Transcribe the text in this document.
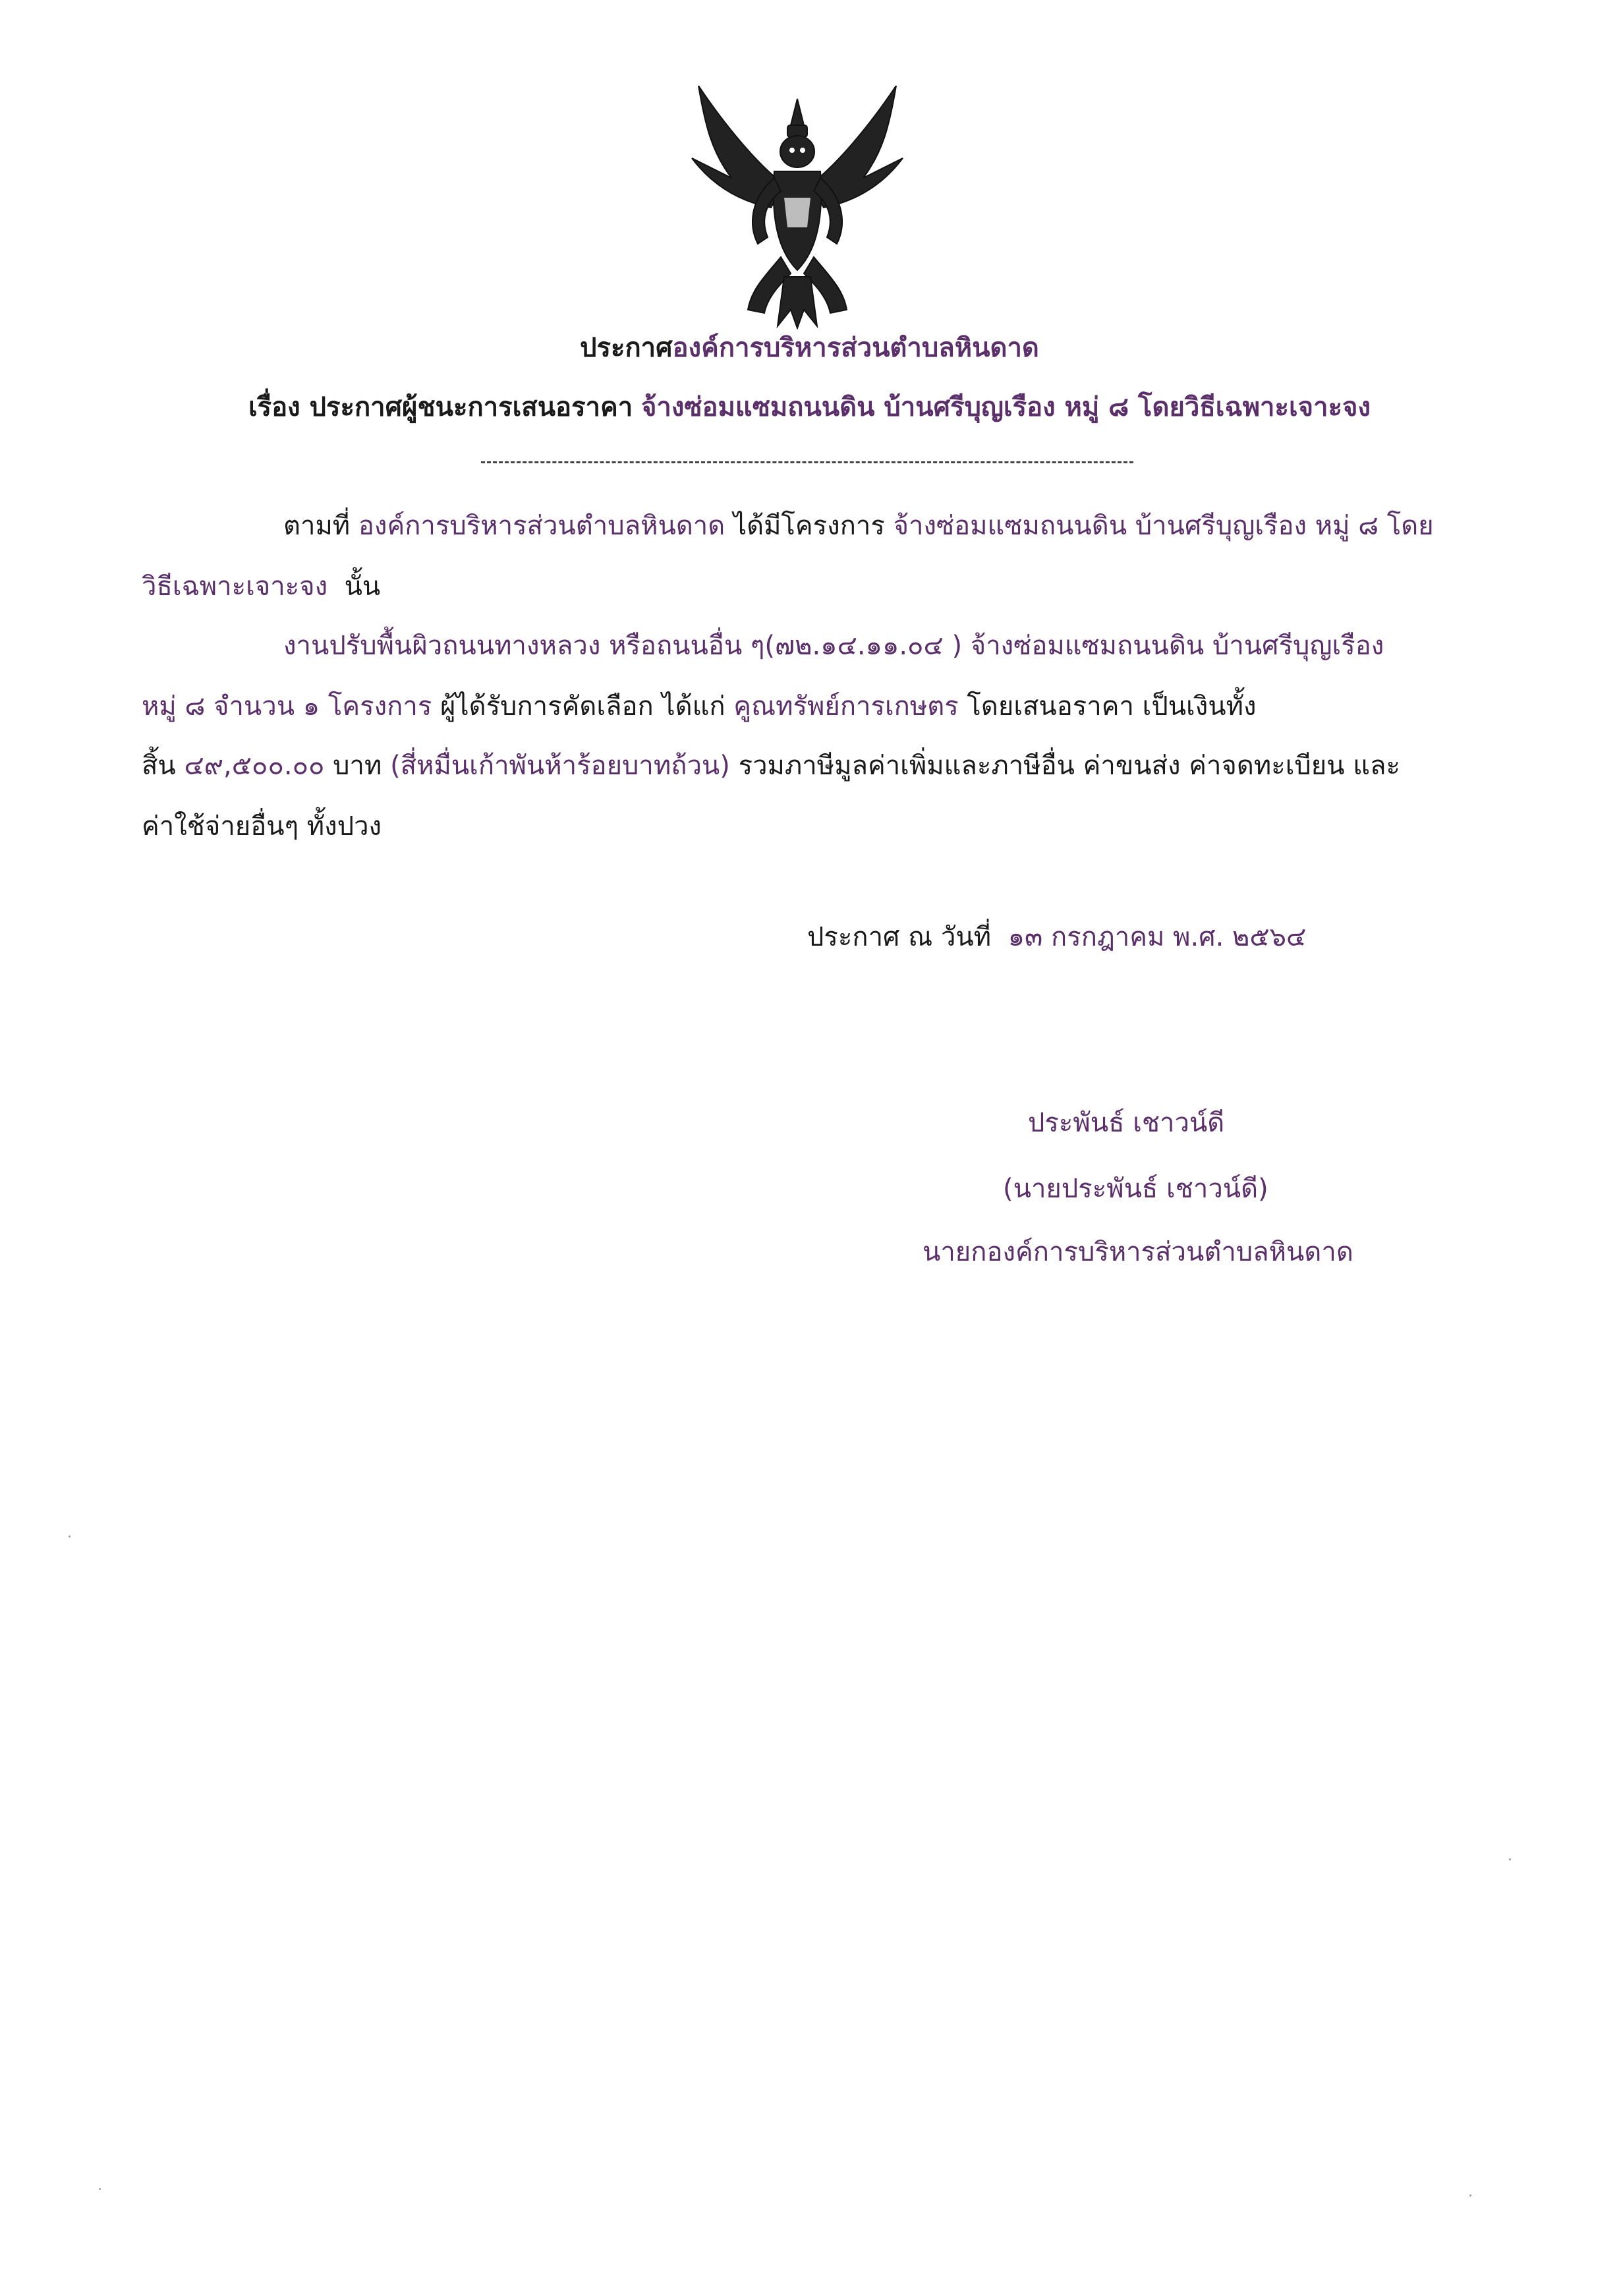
ประกาศองค์การบริหารส่วนตำบลหินดาด
เรื่อง ประกาศผู้ชนะการเสนอราคา จ้างซ่อมแซมถนนดิน บ้านศรีบุญเรือง หมู่ ๘ โดยวิธีเฉพาะเจาะจง
ตามที่ องค์การบริหารส่วนตำบลหินดาด ได้มีโครงการ จ้างซ่อมแซมถนนดิน บ้านศรีบุญเรือง หมู่ ๘ โดย
วิธีเฉพาะเจาะจง นั้น
งานปรับพื้นผิวถนนทางหลวง หรือถนนอื่น ๆ(๗๒.๑๔.๑๑.๐๔ ) จ้างซ่อมแซมถนนดิน บ้านศรีบุญเรือง
หมู่ ๘ จำนวน ๑ โครงการ ผู้ได้รับการคัดเลือก ได้แก่ คูณทรัพย์การเกษตร โดยเสนอราคา เป็นเงินทั้ง
สิ้น ๔๙,๕๐๐.๐๐ บาท (สี่หมื่นเก้าพันห้าร้อยบาทถ้วน) รวมภาษีมูลค่าเพิ่มและภาษีอื่น ค่าขนส่ง ค่าจดทะเบียน และ
ค่าใช้จ่ายอื่นๆ ทั้งปวง
ประกาศ ณ วันที่ ๑๓ กรกฎาคม พ.ศ. ๒๕๖๔
ประพันธ์ เชาวน์ดี
(นายประพันธ์ เชาวน์ดี)
นายกองค์การบริหารส่วนตำบลหินดาด
